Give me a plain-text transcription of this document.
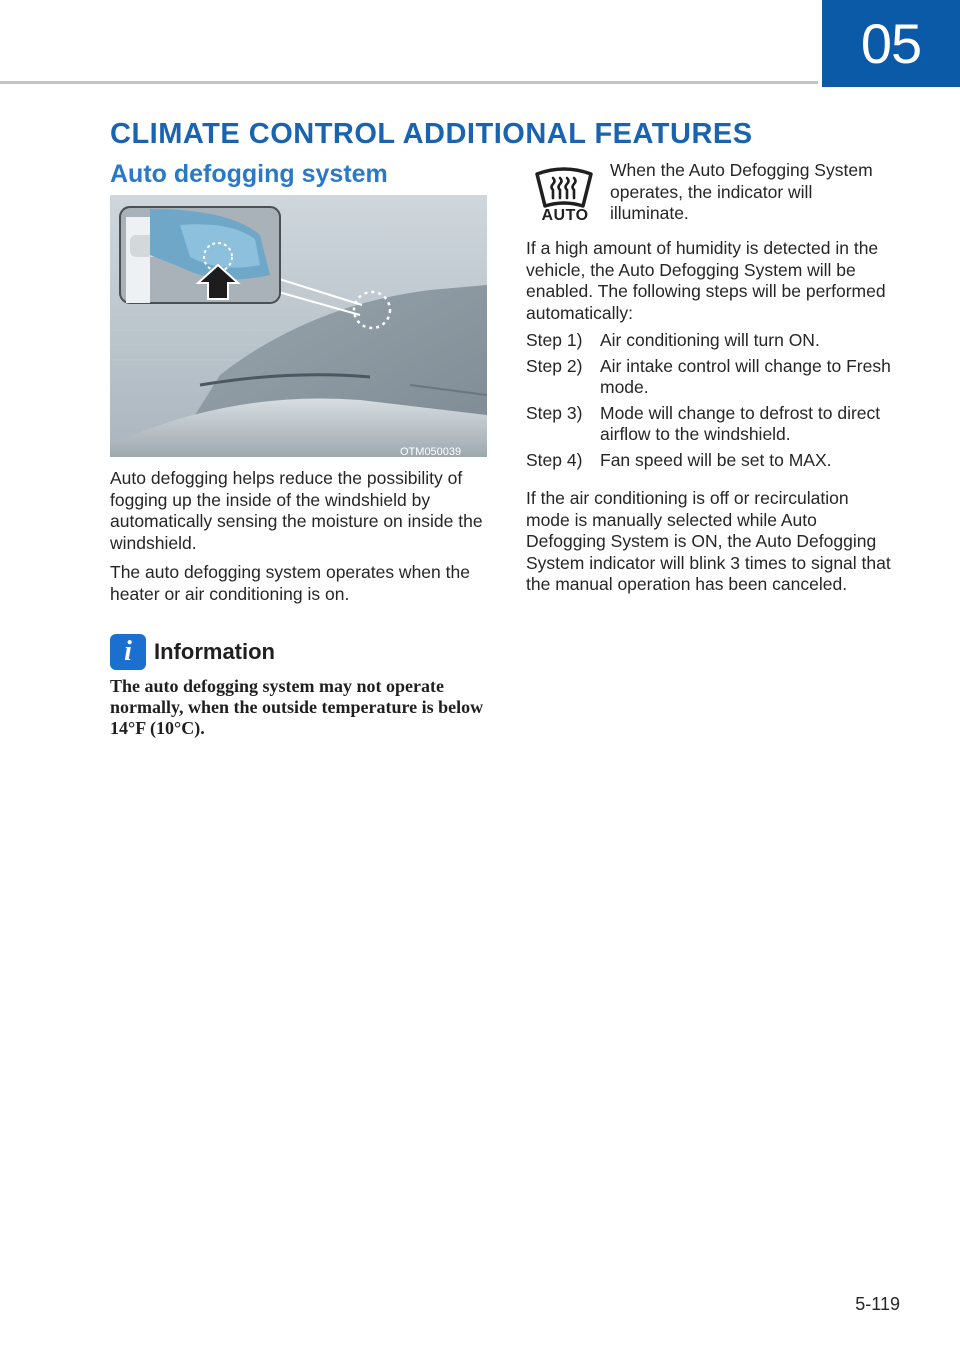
05
CLIMATE CONTROL ADDITIONAL FEATURES
Auto defogging system
OTM050039
Auto defogging helps reduce the possibility of fogging up the inside of the windshield by automatically sensing the moisture on inside the windshield.
The auto defogging system operates when the heater or air conditioning is on.
i	Information
The auto defogging system may not operate normally, when the outside temperature is below 14°F (10°C).
AUTO
When the Auto Defogging System operates, the indicator will illuminate.
If a high amount of humidity is detected in the vehicle, the Auto Defogging System will be enabled. The following steps will be performed automatically:
Step 1)	Air conditioning will turn ON.
Step 2)	Air intake control will change to Fresh mode.
Step 3)	Mode will change to defrost to direct airflow to the windshield.
Step 4)	Fan speed will be set to MAX.
If the air conditioning is off or recirculation mode is manually selected while Auto Defogging System is ON, the Auto Defogging System indicator will blink 3 times to signal that the manual operation has been canceled.
5-119
